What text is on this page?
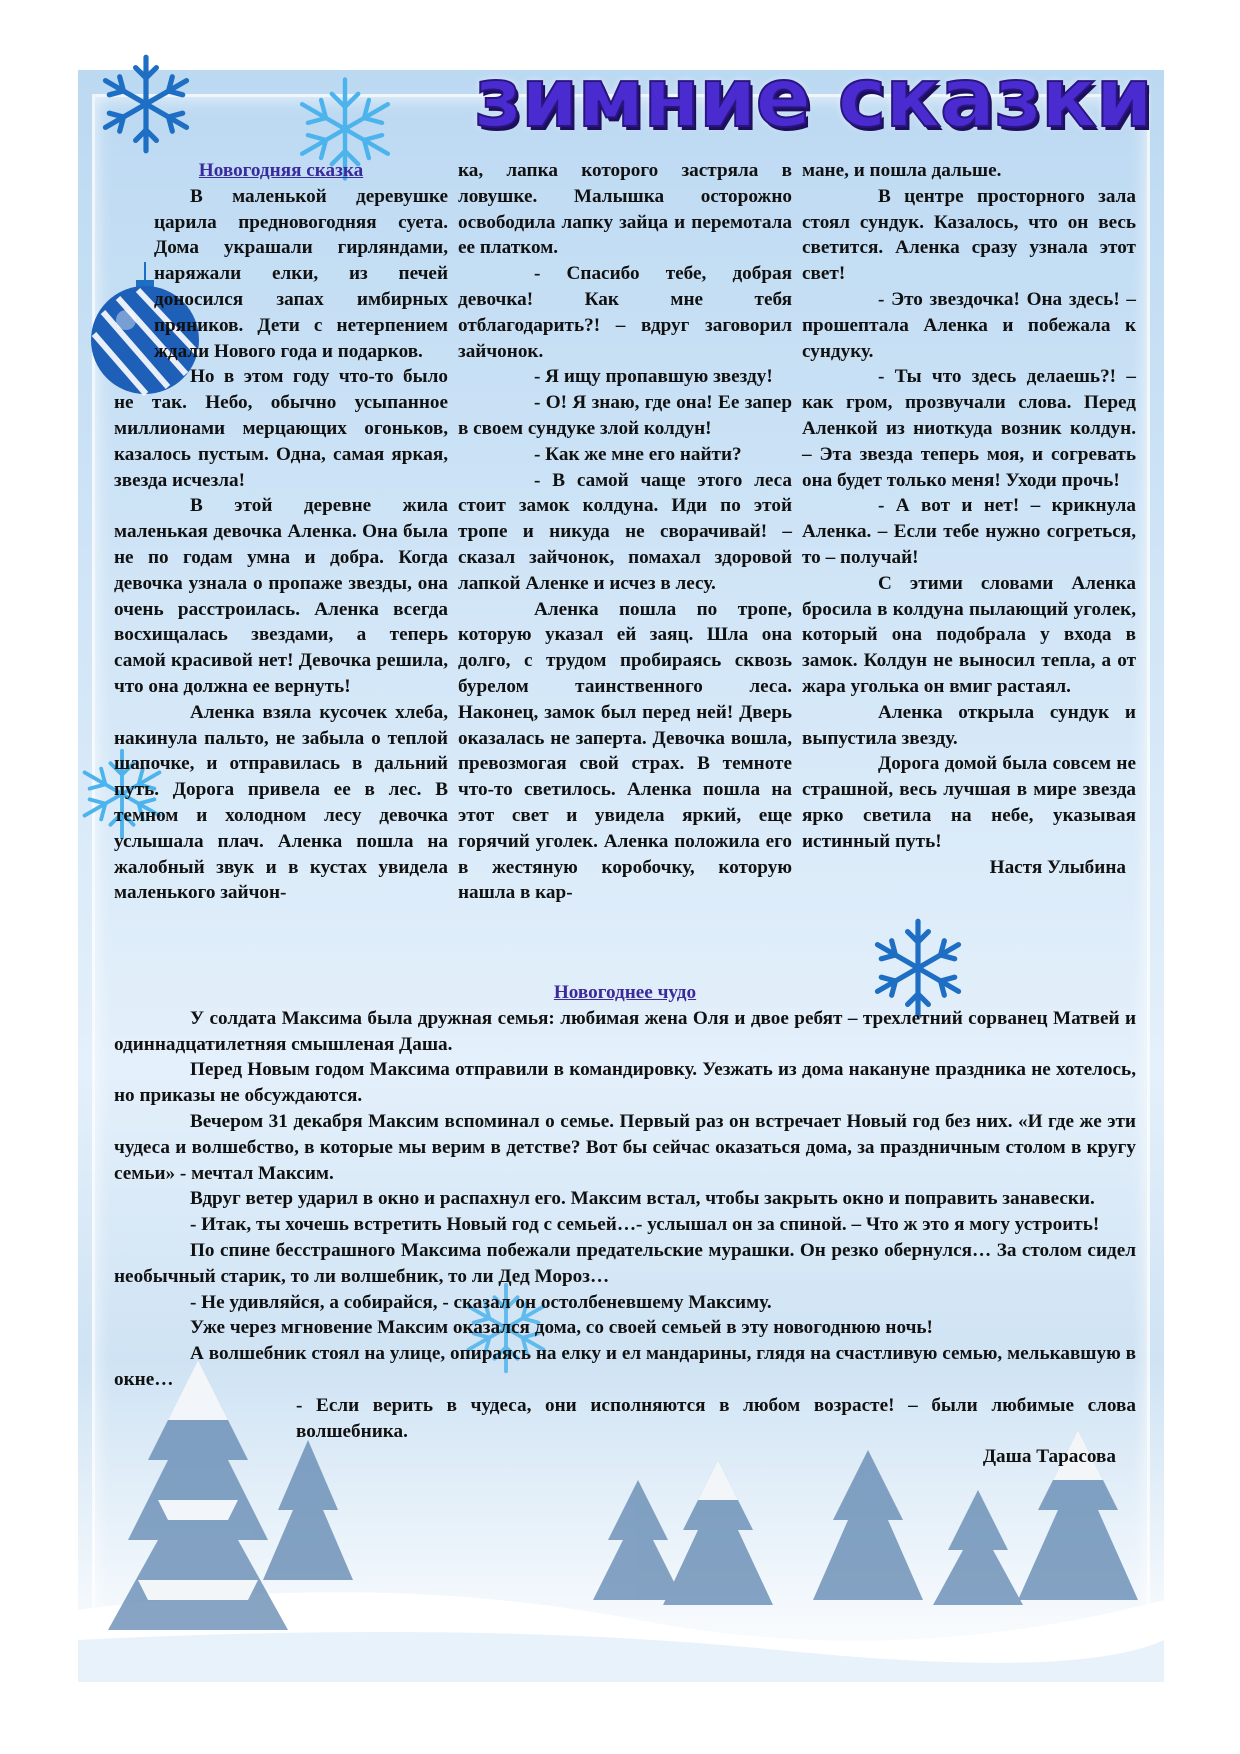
зимние сказки

Новогодняя сказка

В маленькой деревушке царила предновогодняя суета. Дома украшали гирляндами, наряжали елки, из печей доносился запах имбирных пряников. Дети с нетерпением ждали Нового года и подарков.

Но в этом году что-то было не так. Небо, обычно усыпанное миллионами мерцающих огоньков, казалось пустым. Одна, самая яркая, звезда исчезла!

В этой деревне жила маленькая девочка Аленка. Она была не по годам умна и добра. Когда девочка узнала о пропаже звезды, она очень расстроилась. Аленка всегда восхищалась звездами, а теперь самой красивой нет! Девочка решила, что она должна ее вернуть!

Аленка взяла кусочек хлеба, накинула пальто, не забыла о теплой шапочке, и отправилась в дальний путь. Дорога привела ее в лес. В темном и холодном лесу девочка услышала плач. Аленка пошла на жалобный звук и в кустах увидела маленького зайчон-

ка, лапка которого застряла в ловушке. Малышка осторожно освободила лапку зайца и перемотала ее платком.

- Спасибо тебе, добрая девочка! Как мне тебя отблагодарить?! – вдруг заговорил зайчонок.

- Я ищу пропавшую звезду!

- О! Я знаю, где она! Ее запер в своем сундуке злой колдун!

- Как же мне его найти?

- В самой чаще этого леса стоит замок колдуна. Иди по этой тропе и никуда не сворачивай! – сказал зайчонок, помахал здоровой лапкой Аленке и исчез в лесу.

Аленка пошла по тропе, которую указал ей заяц. Шла она долго, с трудом пробираясь сквозь бурелом таинственного леса. Наконец, замок был перед ней! Дверь оказалась не заперта. Девочка вошла, превозмогая свой страх. В темноте что-то светилось. Аленка пошла на этот свет и увидела яркий, еще горячий уголек. Аленка положила его в жестяную коробочку, которую нашла в кар-

мане, и пошла дальше.

В центре просторного зала стоял сундук. Казалось, что он весь светится. Аленка сразу узнала этот свет!

- Это звездочка! Она здесь! – прошептала Аленка и побежала к сундуку.

- Ты что здесь делаешь?! – как гром, прозвучали слова. Перед Аленкой из ниоткуда возник колдун. – Эта звезда теперь моя, и согревать она будет только меня! Уходи прочь!

- А вот и нет! – крикнула Аленка. – Если тебе нужно согреться, то – получай!

С этими словами Аленка бросила в колдуна пылающий уголек, который она подобрала у входа в замок. Колдун не выносил тепла, а от жара уголька он вмиг растаял.

Аленка открыла сундук и выпустила звезду.

Дорога домой была совсем не страшной, весь лучшая в мире звезда ярко светила на небе, указывая истинный путь!

Настя Улыбина

Новогоднее чудо

У солдата Максима была дружная семья: любимая жена Оля и двое ребят – трехлетний сорванец Матвей и одиннадцатилетняя смышленая Даша.

Перед Новым годом Максима отправили в командировку. Уезжать из дома накануне праздника не хотелось, но приказы не обсуждаются.

Вечером 31 декабря Максим вспоминал о семье. Первый раз он встречает Новый год без них. «И где же эти чудеса и волшебство, в которые мы верим в детстве? Вот бы сейчас оказаться дома, за праздничным столом в кругу семьи» - мечтал Максим.

Вдруг ветер ударил в окно и распахнул его. Максим встал, чтобы закрыть окно и поправить занавески.

- Итак, ты хочешь встретить Новый год с семьей…- услышал он за спиной. – Что ж это я могу устроить!

По спине бесстрашного Максима побежали предательские мурашки. Он резко обернулся… За столом сидел необычный старик, то ли волшебник, то ли Дед Мороз…

- Не удивляйся, а собирайся, - сказал он остолбеневшему Максиму.

Уже через мгновение Максим оказался дома, со своей семьей в эту новогоднюю ночь!

А волшебник стоял на улице, опираясь на елку и ел мандарины, глядя на счастливую семью, мелькавшую в окне…

- Если верить в чудеса, они исполняются в любом возрасте! – были любимые слова волшебника.

Даша Тарасова
